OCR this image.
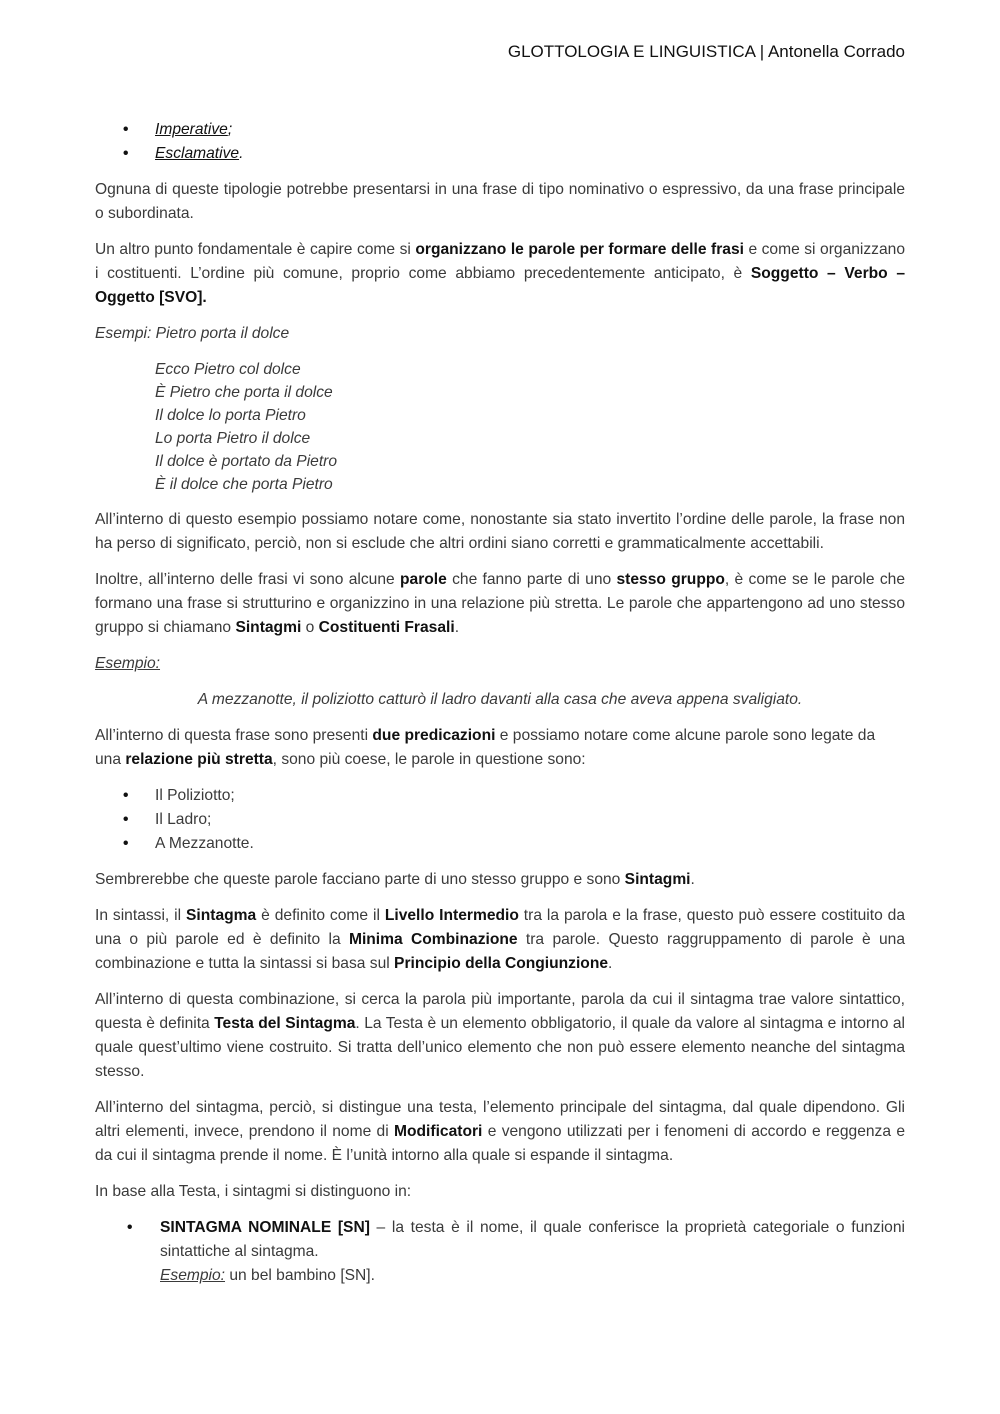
GLOTTOLOGIA E LINGUISTICA | Antonella Corrado
• Imperative;
• Esclamative.

Ognuna di queste tipologie potrebbe presentarsi in una frase di tipo nominativo o espressivo, da una frase principale o subordinata.

Un altro punto fondamentale è capire come si organizzano le parole per formare delle frasi e come si organizzano i costituenti. L’ordine più comune, proprio come abbiamo precedentemente anticipato, è Soggetto – Verbo – Oggetto [SVO].

Esempi: Pietro porta il dolce

Ecco Pietro col dolce
È Pietro che porta il dolce
Il dolce lo porta Pietro
Lo porta Pietro il dolce
Il dolce è portato da Pietro
È il dolce che porta Pietro

All’interno di questo esempio possiamo notare come, nonostante sia stato invertito l’ordine delle parole, la frase non ha perso di significato, perciò, non si esclude che altri ordini siano corretti e grammaticalmente accettabili.

Inoltre, all’interno delle frasi vi sono alcune parole che fanno parte di uno stesso gruppo, è come se le parole che formano una frase si strutturino e organizzino in una relazione più stretta. Le parole che appartengono ad uno stesso gruppo si chiamano Sintagmi o Costituenti Frasali.

Esempio:

A mezzanotte, il poliziotto catturò il ladro davanti alla casa che aveva appena svaligiato.

All’interno di questa frase sono presenti due predicazioni e possiamo notare come alcune parole sono legate da una relazione più stretta, sono più coese, le parole in questione sono:

• Il Poliziotto;
• Il Ladro;
• A Mezzanotte.

Sembrerebbe che queste parole facciano parte di uno stesso gruppo e sono Sintagmi.

In sintassi, il Sintagma è definito come il Livello Intermedio tra la parola e la frase, questo può essere costituito da una o più parole ed è definito la Minima Combinazione tra parole. Questo raggruppamento di parole è una combinazione e tutta la sintassi si basa sul Principio della Congiunzione.

All’interno di questa combinazione, si cerca la parola più importante, parola da cui il sintagma trae valore sintattico, questa è definita Testa del Sintagma. La Testa è un elemento obbligatorio, il quale da valore al sintagma e intorno al quale quest’ultimo viene costruito. Si tratta dell’unico elemento che non può essere elemento neanche del sintagma stesso.

All’interno del sintagma, perciò, si distingue una testa, l’elemento principale del sintagma, dal quale dipendono. Gli altri elementi, invece, prendono il nome di Modificatori e vengono utilizzati per i fenomeni di accordo e reggenza e da cui il sintagma prende il nome. È l’unità intorno alla quale si espande il sintagma.

In base alla Testa, i sintagmi si distinguono in:

• SINTAGMA NOMINALE [SN] – la testa è il nome, il quale conferisce la proprietà categoriale o funzioni sintattiche al sintagma.
Esempio: un bel bambino [SN].
